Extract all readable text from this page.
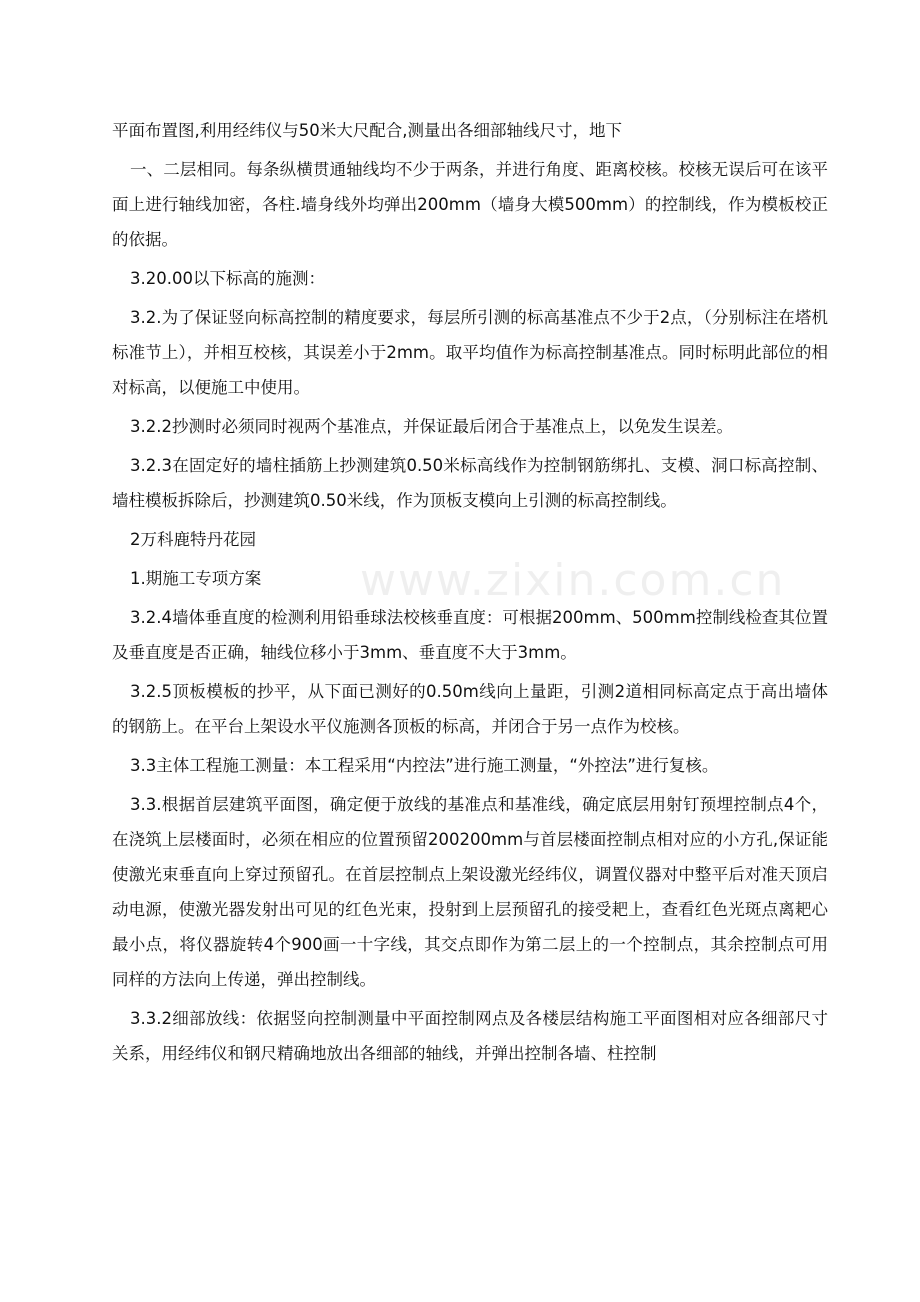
平面布置图,利用经纬仪与50米大尺配合,测量出各细部轴线尺寸，地下

一、二层相同。每条纵横贯通轴线均不少于两条，并进行角度、距离校核。校核无误后可在该平面上进行轴线加密，各柱.墙身线外均弹出200mm（墙身大模500mm）的控制线，作为模板校正的依据。

3.20.00以下标高的施测：

3.2.为了保证竖向标高控制的精度要求，每层所引测的标高基准点不少于2点，（分别标注在塔机标准节上），并相互校核，其误差小于2mm。取平均值作为标高控制基准点。同时标明此部位的相对标高，以便施工中使用。

3.2.2抄测时必须同时视两个基准点，并保证最后闭合于基准点上，以免发生误差。

3.2.3在固定好的墙柱插筋上抄测建筑0.50米标高线作为控制钢筋绑扎、支模、洞口标高控制、墙柱模板拆除后，抄测建筑0.50米线，作为顶板支模向上引测的标高控制线。

2万科鹿特丹花园

1.期施工专项方案

3.2.4墙体垂直度的检测利用铅垂球法校核垂直度：可根据200mm、500mm控制线检查其位置及垂直度是否正确，轴线位移小于3mm、垂直度不大于3mm。

3.2.5顶板模板的抄平，从下面已测好的0.50m线向上量距，引测2道相同标高定点于高出墙体的钢筋上。在平台上架设水平仪施测各顶板的标高，并闭合于另一点作为校核。

3.3主体工程施工测量：本工程采用“内控法”进行施工测量，“外控法”进行复核。

3.3.根据首层建筑平面图，确定便于放线的基准点和基准线，确定底层用射钉预埋控制点4个，在浇筑上层楼面时，必须在相应的位置预留200200mm与首层楼面控制点相对应的小方孔,保证能使激光束垂直向上穿过预留孔。在首层控制点上架设激光经纬仪，调置仪器对中整平后对准天顶启动电源，使激光器发射出可见的红色光束，投射到上层预留孔的接受耙上，查看红色光斑点离耙心最小点，将仪器旋转4个900画一十字线，其交点即作为第二层上的一个控制点，其余控制点可用同样的方法向上传递，弹出控制线。

3.3.2细部放线：依据竖向控制测量中平面控制网点及各楼层结构施工平面图相对应各细部尺寸关系，用经纬仪和钢尺精确地放出各细部的轴线，并弹出控制各墙、柱控制

www.zixin.com.cn
